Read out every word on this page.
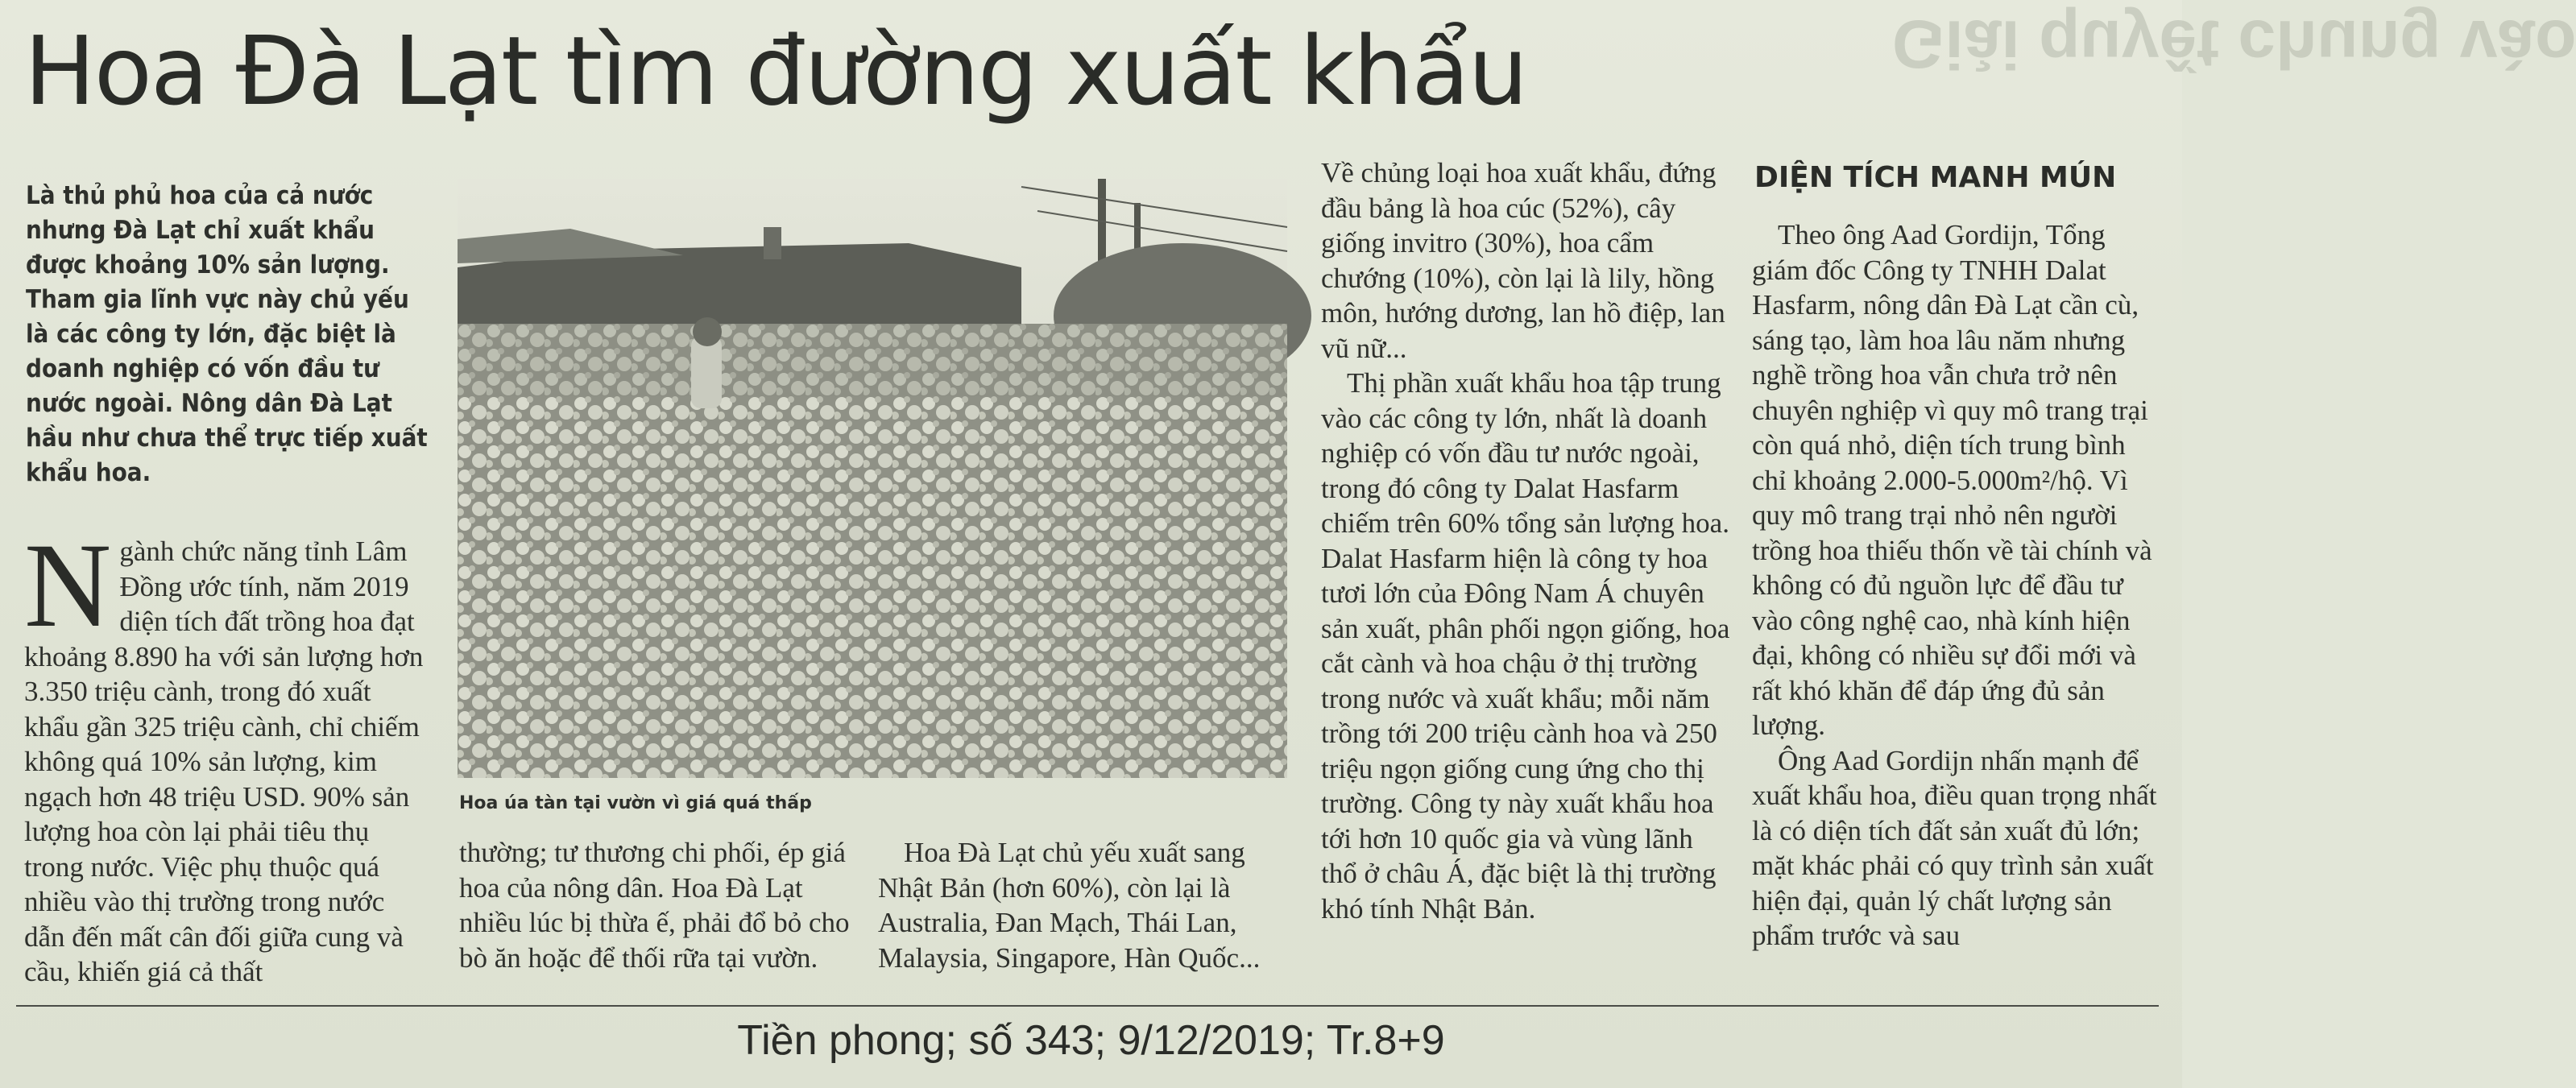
Giải quyết chung vào
Hoa Đà Lạt tìm đường xuất khẩu
Là thủ phủ hoa của cả nước nhưng Đà Lạt chỉ xuất khẩu được khoảng 10% sản lượng. Tham gia lĩnh vực này chủ yếu là các công ty lớn, đặc biệt là doanh nghiệp có vốn đầu tư nước ngoài. Nông dân Đà Lạt hầu như chưa thể trực tiếp xuất khẩu hoa.

Ngành chức năng tỉnh Lâm Đồng ước tính, năm 2019 diện tích đất trồng hoa đạt khoảng 8.890 ha với sản lượng hơn 3.350 triệu cành, trong đó xuất khẩu gần 325 triệu cành, chỉ chiếm không quá 10% sản lượng, kim ngạch hơn 48 triệu USD. 90% sản lượng hoa còn lại phải tiêu thụ trong nước. Việc phụ thuộc quá nhiều vào thị trường trong nước dẫn đến mất cân đối giữa cung và cầu, khiến giá cả thất

Hoa úa tàn tại vườn vì giá quá thấp

thường; tư thương chi phối, ép giá hoa của nông dân. Hoa Đà Lạt nhiều lúc bị thừa ế, phải đổ bỏ cho bò ăn hoặc để thối rữa tại vườn.

Hoa Đà Lạt chủ yếu xuất sang Nhật Bản (hơn 60%), còn lại là Australia, Đan Mạch, Thái Lan, Malaysia, Singapore, Hàn Quốc...

Về chủng loại hoa xuất khẩu, đứng đầu bảng là hoa cúc (52%), cây giống invitro (30%), hoa cẩm chướng (10%), còn lại là lily, hồng môn, hướng dương, lan hồ điệp, lan vũ nữ...

Thị phần xuất khẩu hoa tập trung vào các công ty lớn, nhất là doanh nghiệp có vốn đầu tư nước ngoài, trong đó công ty Dalat Hasfarm chiếm trên 60% tổng sản lượng hoa. Dalat Hasfarm hiện là công ty hoa tươi lớn của Đông Nam Á chuyên sản xuất, phân phối ngọn giống, hoa cắt cành và hoa chậu ở thị trường trong nước và xuất khẩu; mỗi năm trồng tới 200 triệu cành hoa và 250 triệu ngọn giống cung ứng cho thị trường. Công ty này xuất khẩu hoa tới hơn 10 quốc gia và vùng lãnh thổ ở châu Á, đặc biệt là thị trường khó tính Nhật Bản.

DIỆN TÍCH MANH MÚN

Theo ông Aad Gordijn, Tổng giám đốc Công ty TNHH Dalat Hasfarm, nông dân Đà Lạt cần cù, sáng tạo, làm hoa lâu năm nhưng nghề trồng hoa vẫn chưa trở nên chuyên nghiệp vì quy mô trang trại còn quá nhỏ, diện tích trung bình chỉ khoảng 2.000-5.000m²/hộ. Vì quy mô trang trại nhỏ nên người trồng hoa thiếu thốn về tài chính và không có đủ nguồn lực để đầu tư vào công nghệ cao, nhà kính hiện đại, không có nhiều sự đổi mới và rất khó khăn để đáp ứng đủ sản lượng.

Ông Aad Gordijn nhấn mạnh để xuất khẩu hoa, điều quan trọng nhất là có diện tích đất sản xuất đủ lớn; mặt khác phải có quy trình sản xuất hiện đại, quản lý chất lượng sản phẩm trước và sau

Tiền phong; số 343; 9/12/2019; Tr.8+9
